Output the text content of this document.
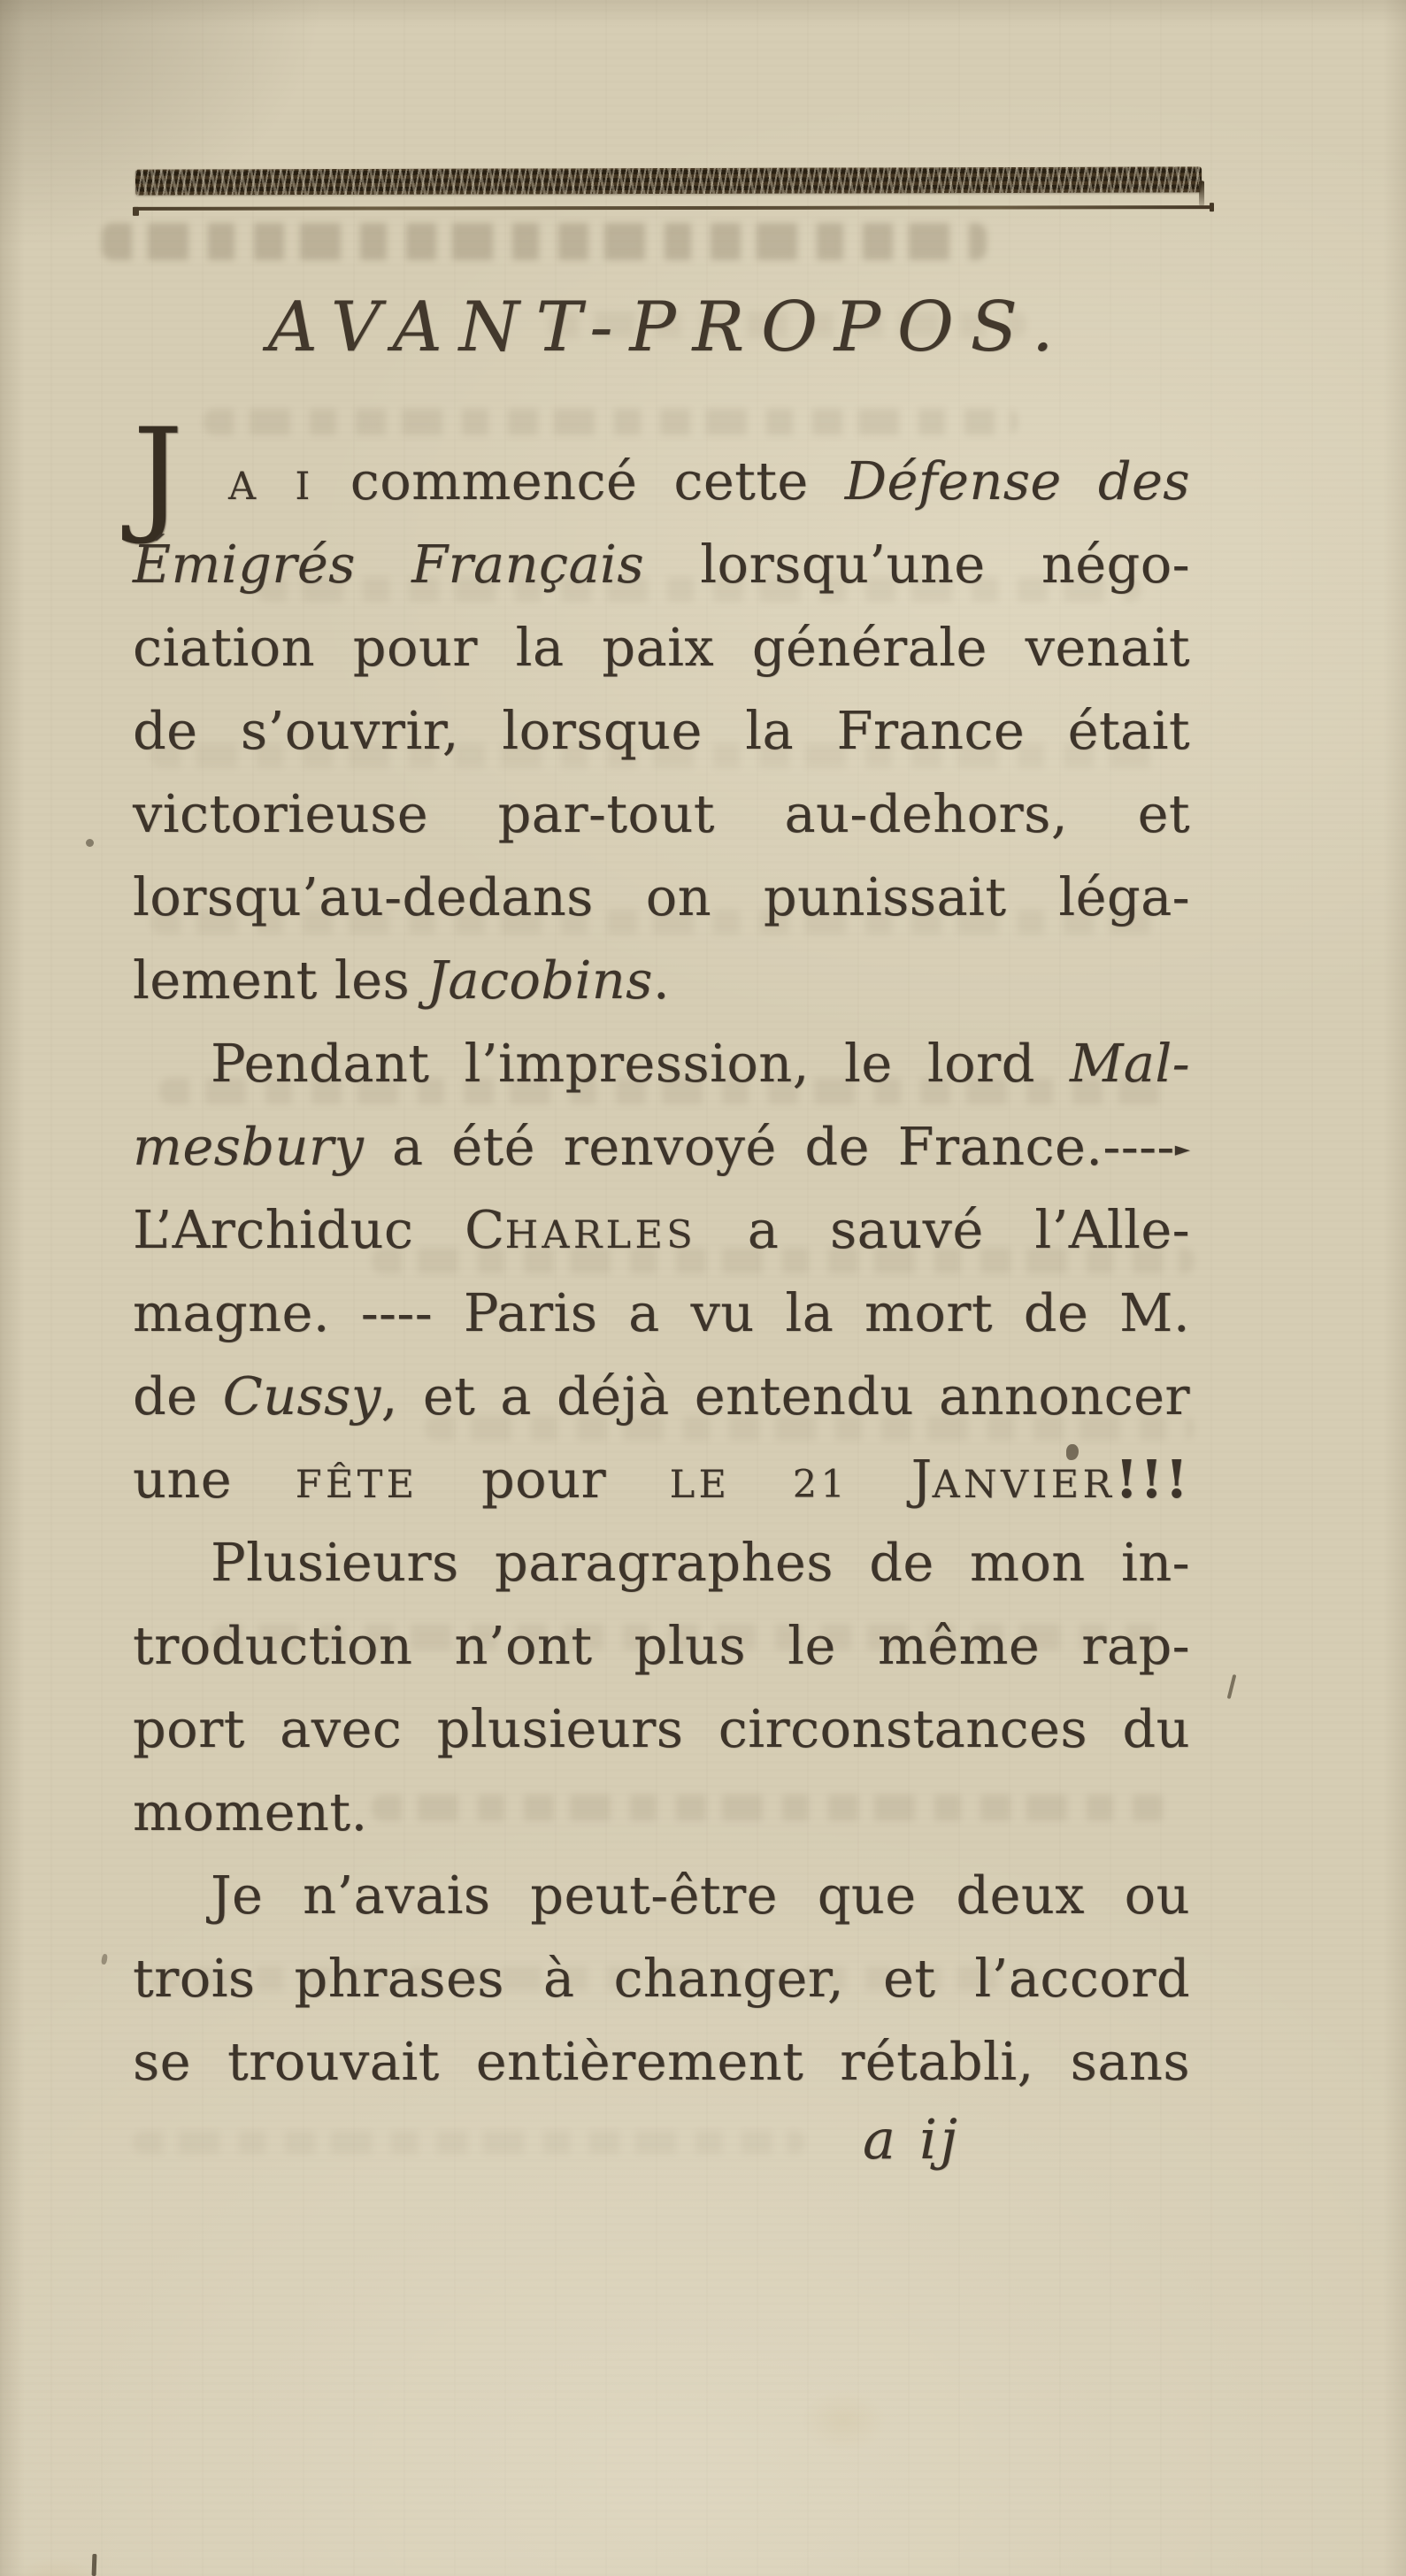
AVANT-PROPOS.
J	A I commencé cette Défense des
Émigrés Français lorsqu’une négo-
ciation pour la paix générale venait
de s’ouvrir, lorsque la France était
victorieuse par-tout au-dehors, et
lorsqu’au-dedans on punissait léga-
lement les Jacobins.
Pendant l’impression, le lord Mal-
mesbury a été renvoyé de France.----►
L’Archiduc CHARLES a sauvé l’Alle-
magne. ---- Paris a vu la mort de M.
de Cussy, et a déjà entendu annoncer
une FÊTE pour LE 21 JANVIER!!!
Plusieurs paragraphes de mon in-
troduction n’ont plus le même rap-
port avec plusieurs circonstances du
moment.
Je n’avais peut-être que deux ou
trois phrases à changer, et l’accord
se trouvait entièrement rétabli, sans
a ij
